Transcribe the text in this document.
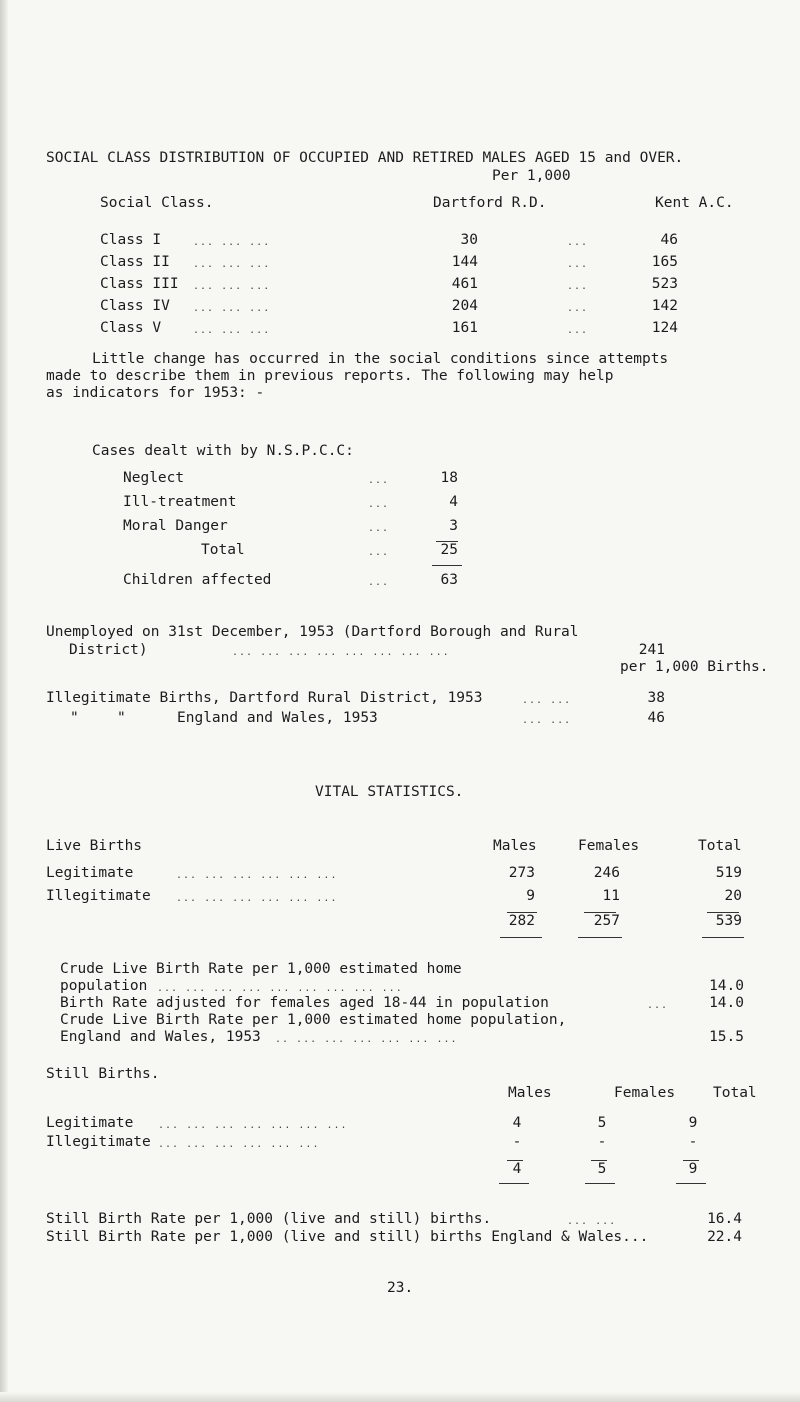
SOCIAL CLASS DISTRIBUTION OF OCCUPIED AND RETIRED MALES AGED 15 and OVER.
Per 1,000
Social Class.	Dartford R.D.	Kent A.C.
Class I	... ... ...	30	...	46
Class II ... ... ...	144	...	165
Class III ... ... ...	461	...	523
Class IV ... ... ...	204	...	142
Class V	... ... ...	161	...	124
Little change has occurred in the social conditions since attempts
made to describe them in previous reports. The following may help
as indicators for 1953: -
Cases dealt with by N.S.P.C.C:
Neglect	...	18
Ill-treatment	...	4
Moral Danger	...	3
Total	...	25
Children affected	...	63
Unemployed on 31st December, 1953 (Dartford Borough and Rural
District)	... ... ... ... ... ... ... ...	241
per 1,000 Births.
Illegitimate Births, Dartford Rural District, 1953	... ...	38
"	"	England and Wales, 1953	... ...	46
VITAL STATISTICS.
Live Births	Males	Females	Total
Legitimate	... ... ... ... ... ...	273	246	519
Illegitimate	... ... ... ... ... ...	9	11	20
282	257	539
Crude Live Birth Rate per 1,000 estimated home
population ... ... ... ... ... ... ... ... ...	14.0
Birth Rate adjusted for females aged 18-44 in population	...	14.0
Crude Live Birth Rate per 1,000 estimated home population,
England and Wales, 1953 .. ... ... ... ... ... ...	15.5
Still Births.
Males	Females	Total
Legitimate ... ... ... ... ... ... ...	4	5	9
Illegitimate ... ... ... ... ... ...	-	-	-
4	5	9
Still Birth Rate per 1,000 (live and still) births.	... ...	16.4
Still Birth Rate per 1,000 (live and still) births England & Wales...	22.4
23.
